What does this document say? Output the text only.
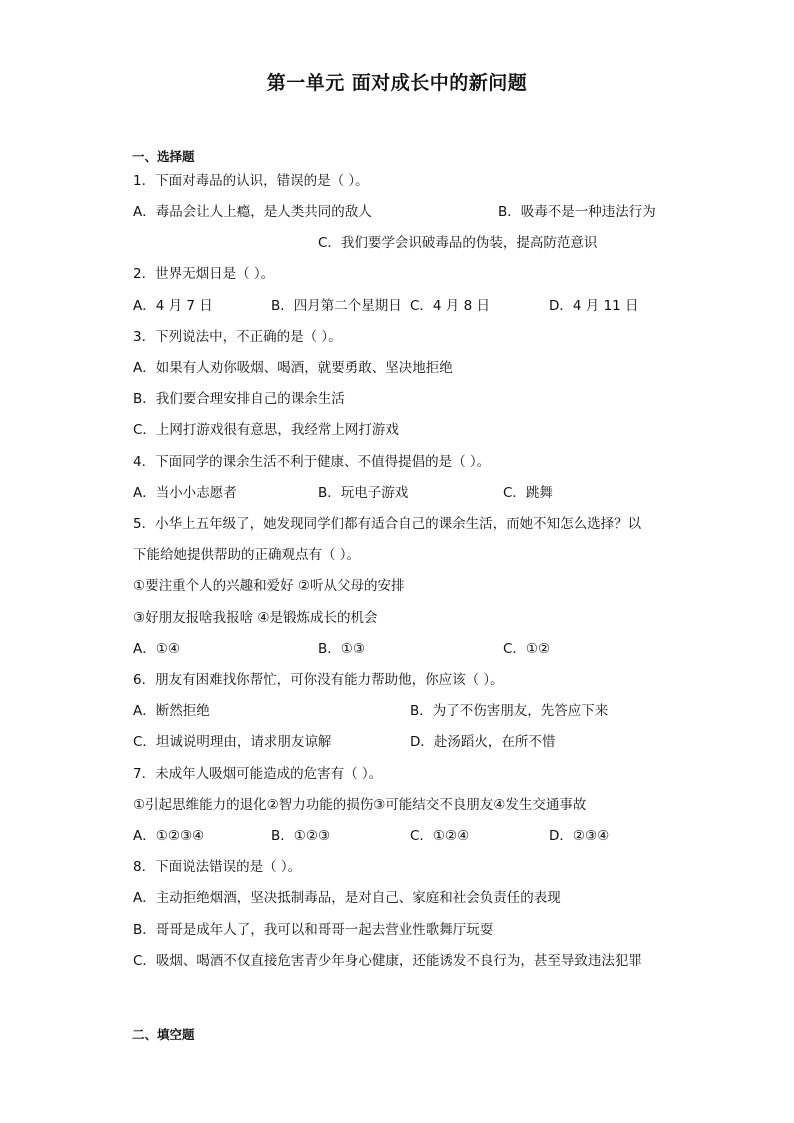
第一单元 面对成长中的新问题
一、选择题
1．下面对毒品的认识，错误的是（ ）。
A．毒品会让人上瘾，是人类共同的敌人	B．吸毒不是一种违法行为
C．我们要学会识破毒品的伪装，提高防范意识
2．世界无烟日是（ ）。
A．4 月 7 日	B．四月第二个星期日 C．4 月 8 日	D．4 月 11 日
3．下列说法中，不正确的是（ ）。
A．如果有人劝你吸烟、喝酒，就要勇敢、坚决地拒绝
B．我们要合理安排自己的课余生活
C．上网打游戏很有意思，我经常上网打游戏
4．下面同学的课余生活不利于健康、不值得提倡的是（ ）。
A．当小小志愿者	B．玩电子游戏	C．跳舞
5．小华上五年级了，她发现同学们都有适合自己的课余生活，而她不知怎么选择？以
下能给她提供帮助的正确观点有（ ）。
①要注重个人的兴趣和爱好 ②听从父母的安排
③好朋友报啥我报啥 ④是锻炼成长的机会
A．①④	B．①③	C．①②
6．朋友有困难找你帮忙，可你没有能力帮助他，你应该（ ）。
A．断然拒绝	B．为了不伤害朋友，先答应下来
C．坦诚说明理由，请求朋友谅解	D．赴汤蹈火，在所不惜
7．未成年人吸烟可能造成的危害有（ ）。
①引起思维能力的退化②智力功能的损伤③可能结交不良朋友④发生交通事故
A．①②③④	B．①②③	C．①②④	D．②③④
8．下面说法错误的是（ ）。
A．主动拒绝烟酒，坚决抵制毒品，是对自己、家庭和社会负责任的表现
B．哥哥是成年人了，我可以和哥哥一起去营业性歌舞厅玩耍
C．吸烟、喝酒不仅直接危害青少年身心健康，还能诱发不良行为，甚至导致违法犯罪
二、填空题
